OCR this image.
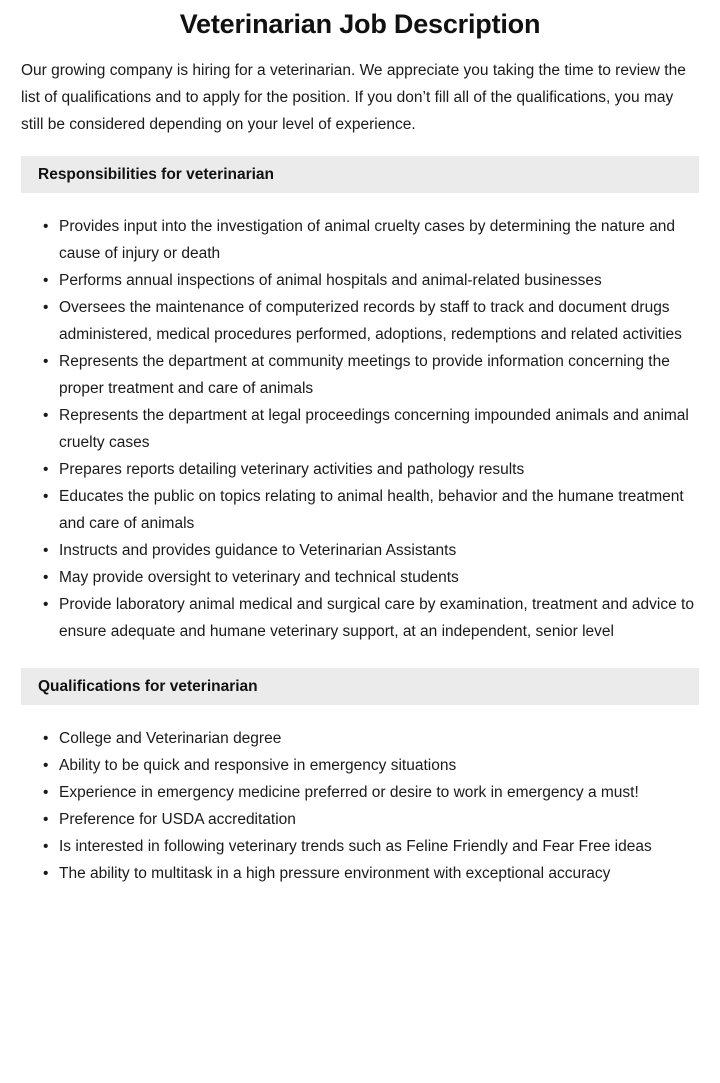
Veterinarian Job Description

Our growing company is hiring for a veterinarian. We appreciate you taking the time to review the list of qualifications and to apply for the position. If you don’t fill all of the qualifications, you may still be considered depending on your level of experience.

Responsibilities for veterinarian
• Provides input into the investigation of animal cruelty cases by determining the nature and cause of injury or death
• Performs annual inspections of animal hospitals and animal-related businesses
• Oversees the maintenance of computerized records by staff to track and document drugs administered, medical procedures performed, adoptions, redemptions and related activities
• Represents the department at community meetings to provide information concerning the proper treatment and care of animals
• Represents the department at legal proceedings concerning impounded animals and animal cruelty cases
• Prepares reports detailing veterinary activities and pathology results
• Educates the public on topics relating to animal health, behavior and the humane treatment and care of animals
• Instructs and provides guidance to Veterinarian Assistants
• May provide oversight to veterinary and technical students
• Provide laboratory animal medical and surgical care by examination, treatment and advice to ensure adequate and humane veterinary support, at an independent, senior level
Qualifications for veterinarian
• College and Veterinarian degree
• Ability to be quick and responsive in emergency situations
• Experience in emergency medicine preferred or desire to work in emergency a must!
• Preference for USDA accreditation
• Is interested in following veterinary trends such as Feline Friendly and Fear Free ideas
• The ability to multitask in a high pressure environment with exceptional accuracy
